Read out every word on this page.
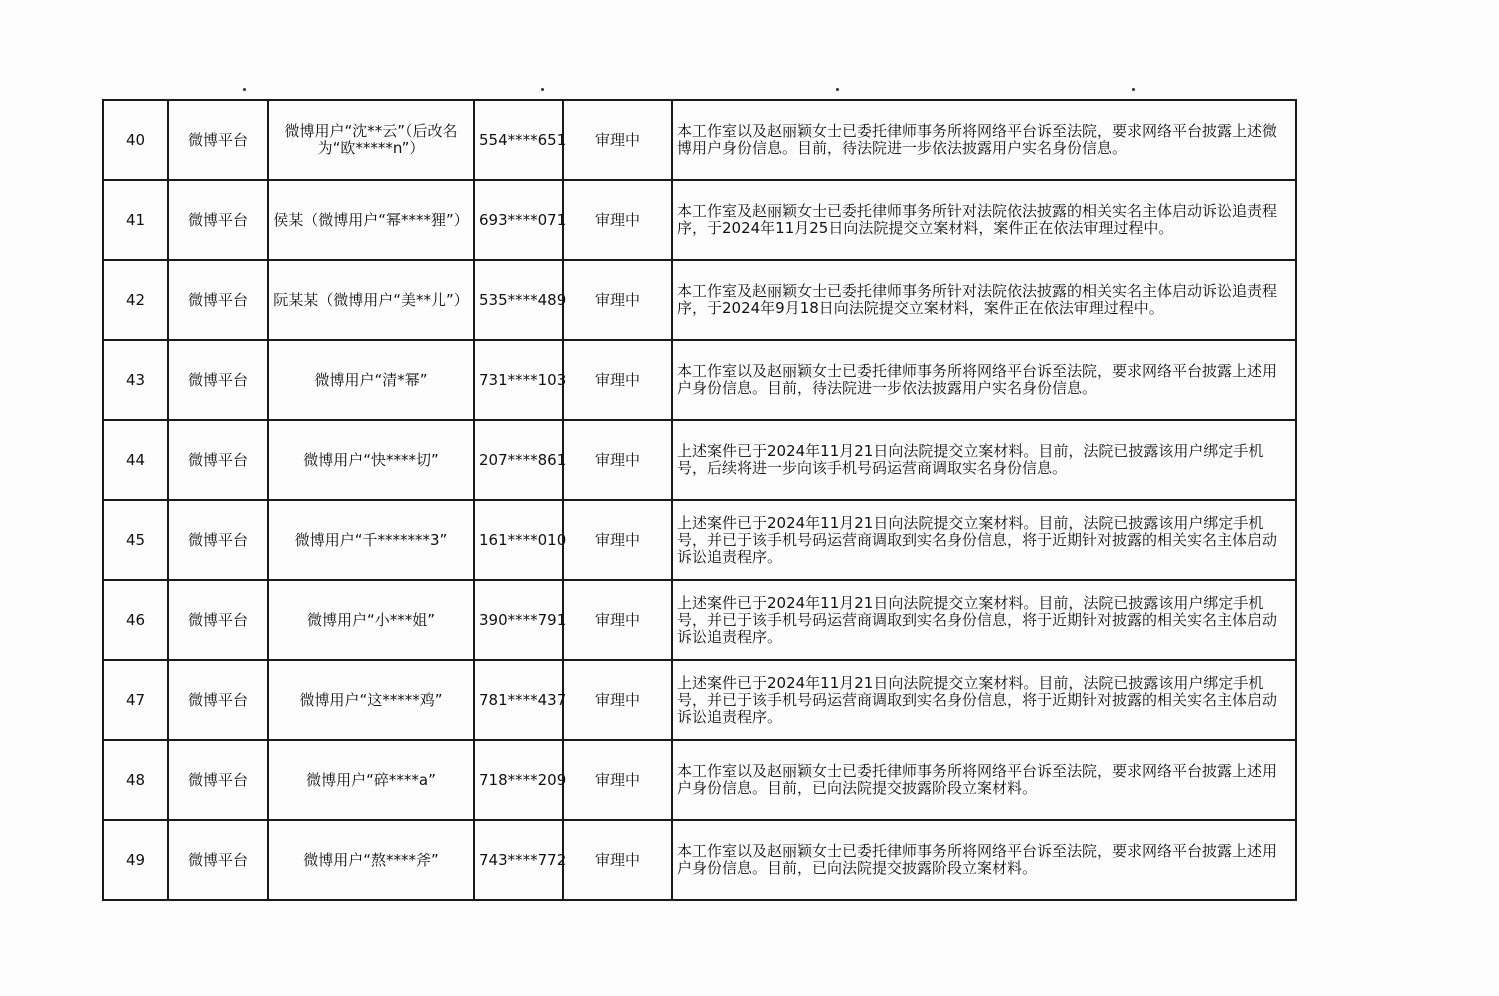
40	微博平台	微博用户“沈**云”（后改名为“欧*****n”）	554****651	审理中	本工作室以及赵丽颖女士已委托律师事务所将网络平台诉至法院，要求网络平台披露上述微博用户身份信息。目前，待法院进一步依法披露用户实名身份信息。
41	微博平台	侯某（微博用户“幂****狸”）	693****071	审理中	本工作室及赵丽颖女士已委托律师事务所针对法院依法披露的相关实名主体启动诉讼追责程序，于2024年11月25日向法院提交立案材料，案件正在依法审理过程中。
42	微博平台	阮某某（微博用户“美**儿”）	535****489	审理中	本工作室及赵丽颖女士已委托律师事务所针对法院依法披露的相关实名主体启动诉讼追责程序，于2024年9月18日向法院提交立案材料，案件正在依法审理过程中。
43	微博平台	微博用户“清*幂”	731****103	审理中	本工作室以及赵丽颖女士已委托律师事务所将网络平台诉至法院，要求网络平台披露上述用户身份信息。目前，待法院进一步依法披露用户实名身份信息。
44	微博平台	微博用户“快****切”	207****861	审理中	上述案件已于2024年11月21日向法院提交立案材料。目前，法院已披露该用户绑定手机号，后续将进一步向该手机号码运营商调取实名身份信息。
45	微博平台	微博用户“千*******3”	161****010	审理中	上述案件已于2024年11月21日向法院提交立案材料。目前，法院已披露该用户绑定手机号，并已于该手机号码运营商调取到实名身份信息，将于近期针对披露的相关实名主体启动诉讼追责程序。
46	微博平台	微博用户“小***姐”	390****791	审理中	上述案件已于2024年11月21日向法院提交立案材料。目前，法院已披露该用户绑定手机号，并已于该手机号码运营商调取到实名身份信息，将于近期针对披露的相关实名主体启动诉讼追责程序。
47	微博平台	微博用户“这*****鸡”	781****437	审理中	上述案件已于2024年11月21日向法院提交立案材料。目前，法院已披露该用户绑定手机号，并已于该手机号码运营商调取到实名身份信息，将于近期针对披露的相关实名主体启动诉讼追责程序。
48	微博平台	微博用户“碎****a”	718****209	审理中	本工作室以及赵丽颖女士已委托律师事务所将网络平台诉至法院，要求网络平台披露上述用户身份信息。目前，已向法院提交披露阶段立案材料。
49	微博平台	微博用户“熬****斧”	743****772	审理中	本工作室以及赵丽颖女士已委托律师事务所将网络平台诉至法院，要求网络平台披露上述用户身份信息。目前，已向法院提交披露阶段立案材料。
